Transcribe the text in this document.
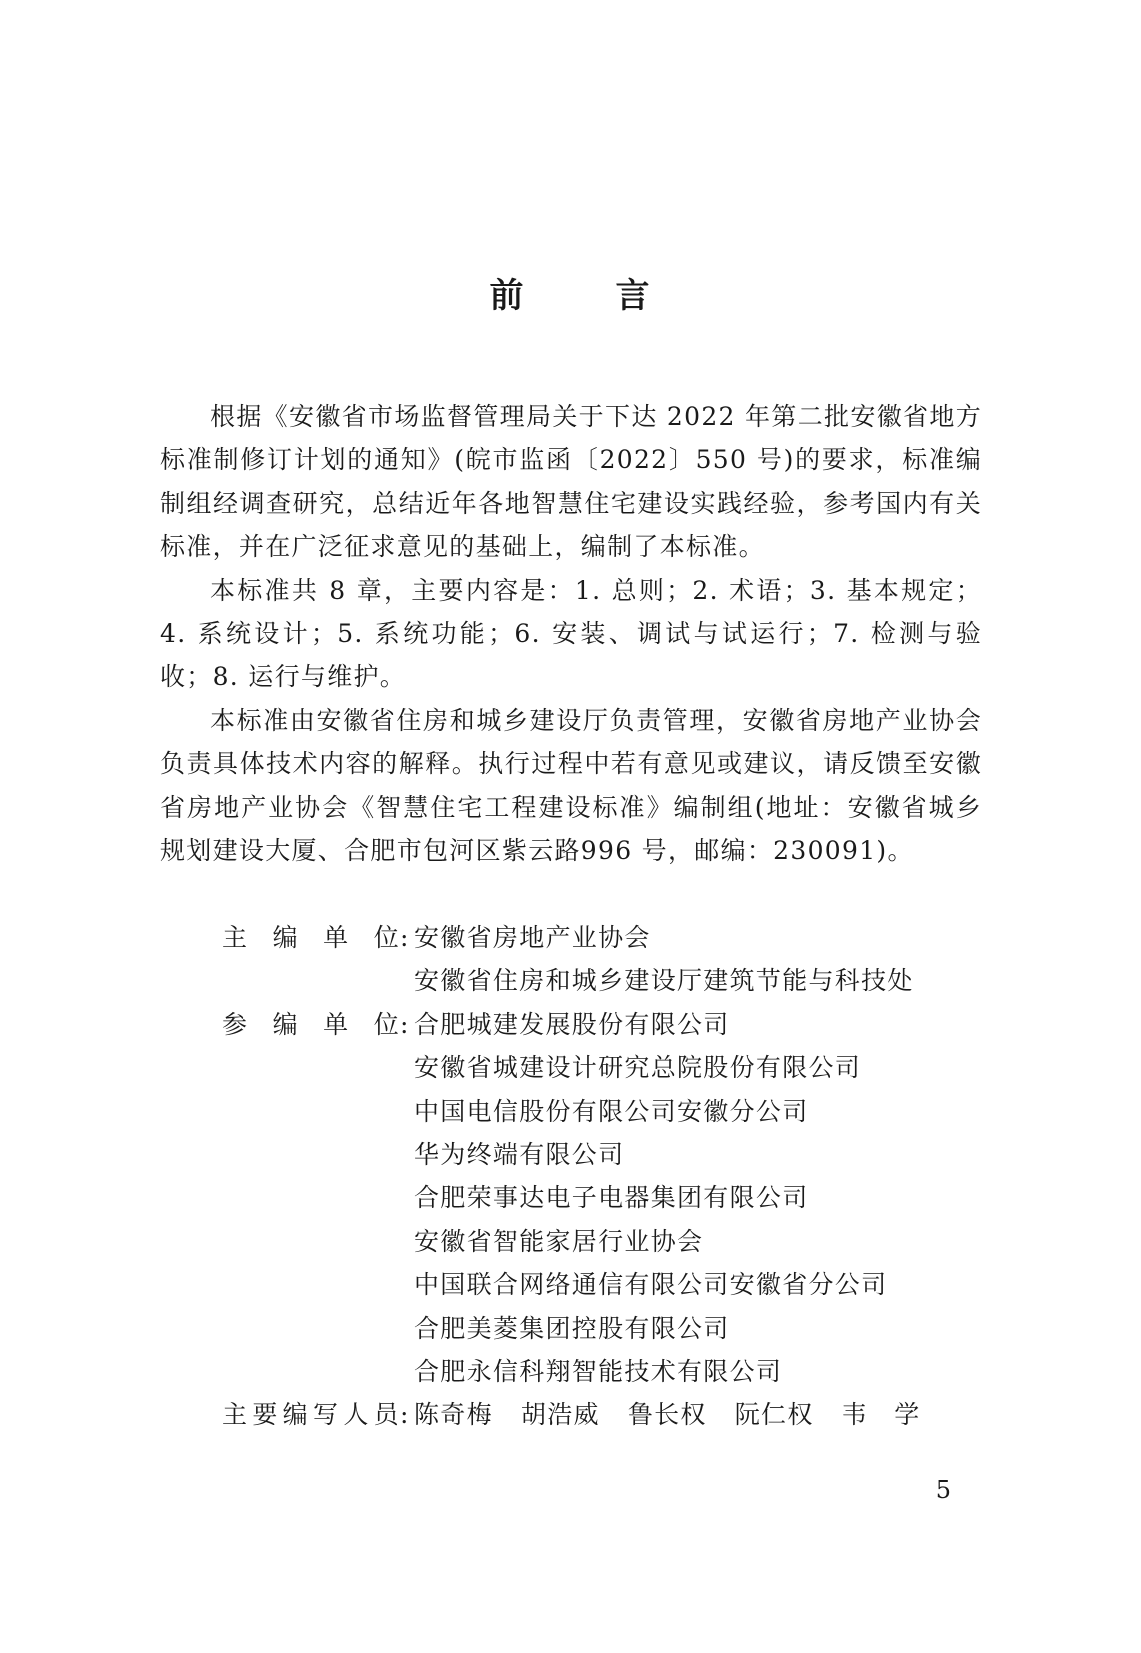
前	言

根据《安徽省市场监督管理局关于下达 2022 年第二批安徽省地方标准制修订计划的通知》(皖市监函〔2022〕550 号)的要求，标准编制组经调查研究，总结近年各地智慧住宅建设实践经验，参考国内有关标准，并在广泛征求意见的基础上，编制了本标准。

本标准共 8 章，主要内容是：1. 总则；2. 术语；3. 基本规定；4. 系统设计；5. 系统功能；6. 安装、调试与试运行；7. 检测与验收；8. 运行与维护。

本标准由安徽省住房和城乡建设厅负责管理，安徽省房地产业协会负责具体技术内容的解释。执行过程中若有意见或建议，请反馈至安徽省房地产业协会《智慧住宅工程建设标准》编制组(地址：安徽省城乡规划建设大厦、合肥市包河区紫云路996 号，邮编：230091)。

主 编 单 位 : 安徽省房地产业协会
安徽省住房和城乡建设厅建筑节能与科技处
参 编 单 位 : 合肥城建发展股份有限公司
安徽省城建设计研究总院股份有限公司
中国电信股份有限公司安徽分公司
华为终端有限公司
合肥荣事达电子电器集团有限公司
安徽省智能家居行业协会
中国联合网络通信有限公司安徽省分公司
合肥美菱集团控股有限公司
合肥永信科翔智能技术有限公司
主 要 编 写 人 员 : 陈奇梅 胡浩威 鲁长权 阮仁权 韦　学
5
